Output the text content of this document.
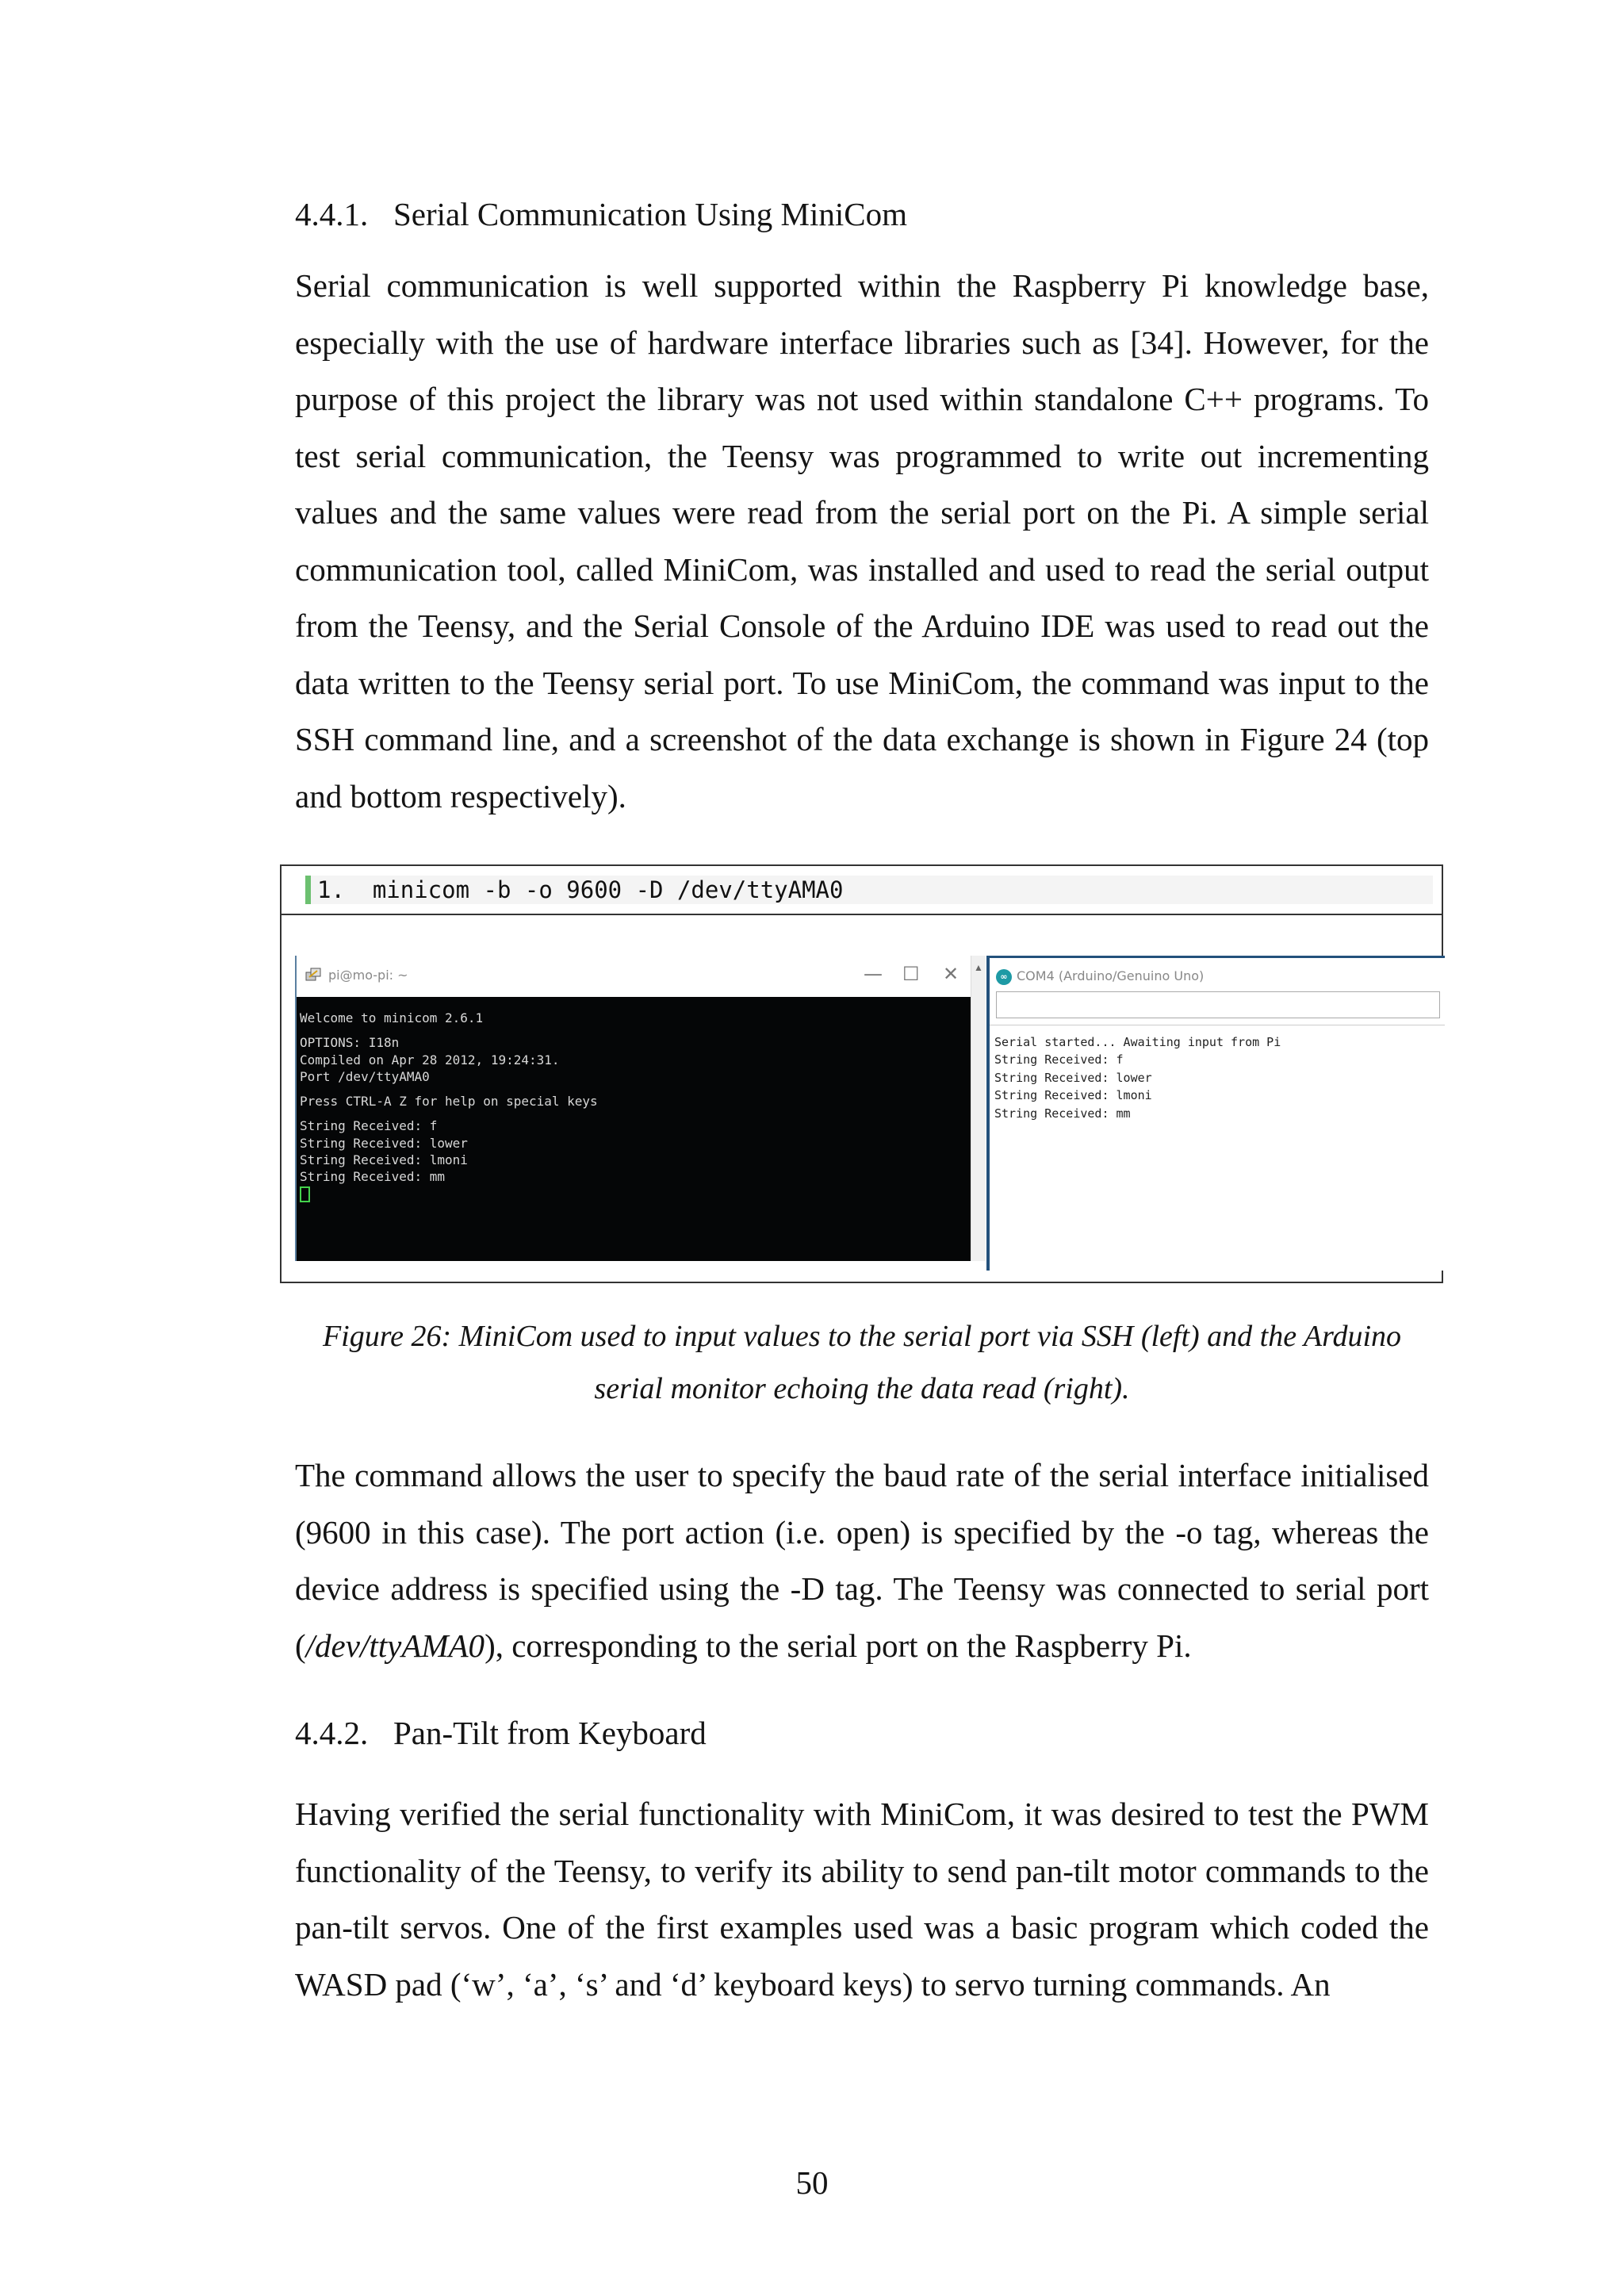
4.4.1. Serial Communication Using MiniCom

Serial communication is well supported within the Raspberry Pi knowledge base, especially with the use of hardware interface libraries such as [34]. However, for the purpose of this project the library was not used within standalone C++ programs. To test serial communication, the Teensy was programmed to write out incrementing values and the same values were read from the serial port on the Pi. A simple serial communication tool, called MiniCom, was installed and used to read the serial output from the Teensy, and the Serial Console of the Arduino IDE was used to read out the data written to the Teensy serial port. To use MiniCom, the command was input to the SSH command line, and a screenshot of the data exchange is shown in Figure 24 (top and bottom respectively).

1.  minicom -b -o 9600 -D /dev/ttyAMA0
pi@mo-pi: ~	— ☐ ✕
Welcome to minicom 2.6.1
OPTIONS: I18n
Compiled on Apr 28 2012, 19:24:31.
Port /dev/ttyAMA0
Press CTRL-A Z for help on special keys
String Received: f
String Received: lower
String Received: lmoni
String Received: mm
▲
∞ COM4 (Arduino/Genuino Uno)
Serial started... Awaiting input from Pi
String Received: f
String Received: lower
String Received: lmoni
String Received: mm
Figure 26: MiniCom used to input values to the serial port via SSH (left) and the Arduino serial monitor echoing the data read (right).

The command allows the user to specify the baud rate of the serial interface initialised (9600 in this case). The port action (i.e. open) is specified by the -o tag, whereas the device address is specified using the -D tag. The Teensy was connected to serial port (/dev/ttyAMA0), corresponding to the serial port on the Raspberry Pi.

4.4.2. Pan-Tilt from Keyboard

Having verified the serial functionality with MiniCom, it was desired to test the PWM functionality of the Teensy, to verify its ability to send pan-tilt motor commands to the pan-tilt servos. One of the first examples used was a basic program which coded the WASD pad (‘w’, ‘a’, ‘s’ and ‘d’ keyboard keys) to servo turning commands. An

50
